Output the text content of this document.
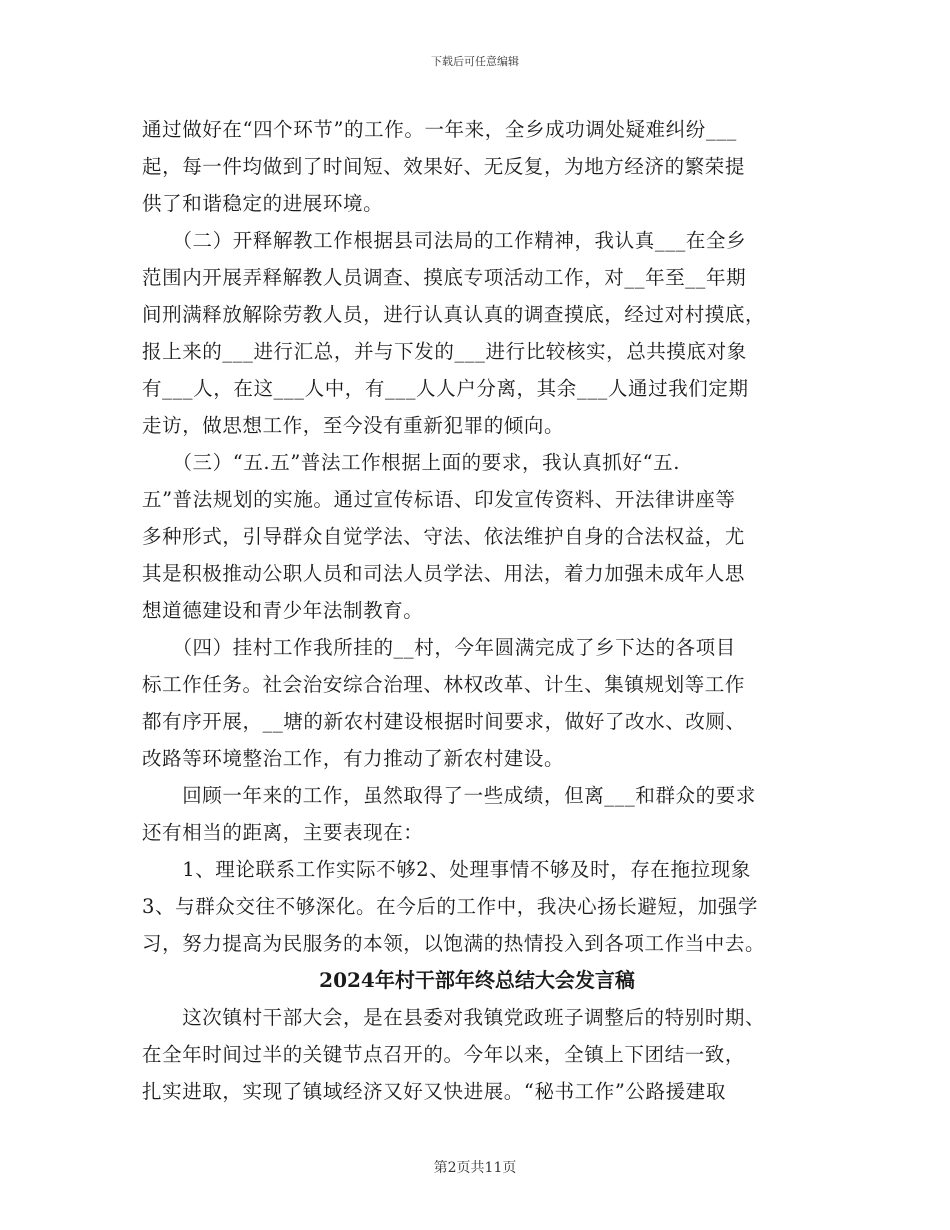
下载后可任意编辑
通过做好在“四个环节”的工作。一年来，全乡成功调处疑难纠纷___
起，每一件均做到了时间短、效果好、无反复，为地方经济的繁荣提
供了和谐稳定的进展环境。
　　（二）开释解教工作根据县司法局的工作精神，我认真___在全乡
范围内开展弄释解教人员调查、摸底专项活动工作，对__年至__年期
间刑满释放解除劳教人员，进行认真认真的调查摸底，经过对村摸底，
报上来的___进行汇总，并与下发的___进行比较核实，总共摸底对象
有___人，在这___人中，有___人人户分离，其余___人通过我们定期
走访，做思想工作，至今没有重新犯罪的倾向。
　　（三）“五.五”普法工作根据上面的要求，我认真抓好“五.
五”普法规划的实施。通过宣传标语、印发宣传资料、开法律讲座等
多种形式，引导群众自觉学法、守法、依法维护自身的合法权益，尤
其是积极推动公职人员和司法人员学法、用法，着力加强未成年人思
想道德建设和青少年法制教育。
　　（四）挂村工作我所挂的__村，今年圆满完成了乡下达的各项目
标工作任务。社会治安综合治理、林权改革、计生、集镇规划等工作
都有序开展，__塘的新农村建设根据时间要求，做好了改水、改厕、
改路等环境整治工作，有力推动了新农村建设。
　　回顾一年来的工作，虽然取得了一些成绩，但离___和群众的要求
还有相当的距离，主要表现在：
　　1、理论联系工作实际不够2、处理事情不够及时，存在拖拉现象
3、与群众交往不够深化。在今后的工作中，我决心扬长避短，加强学
习，努力提高为民服务的本领，以饱满的热情投入到各项工作当中去。
2024年村干部年终总结大会发言稿
　　这次镇村干部大会，是在县委对我镇党政班子调整后的特别时期、
在全年时间过半的关键节点召开的。今年以来，全镇上下团结一致，
扎实进取，实现了镇域经济又好又快进展。“秘书工作”公路援建取
第2页共11页
